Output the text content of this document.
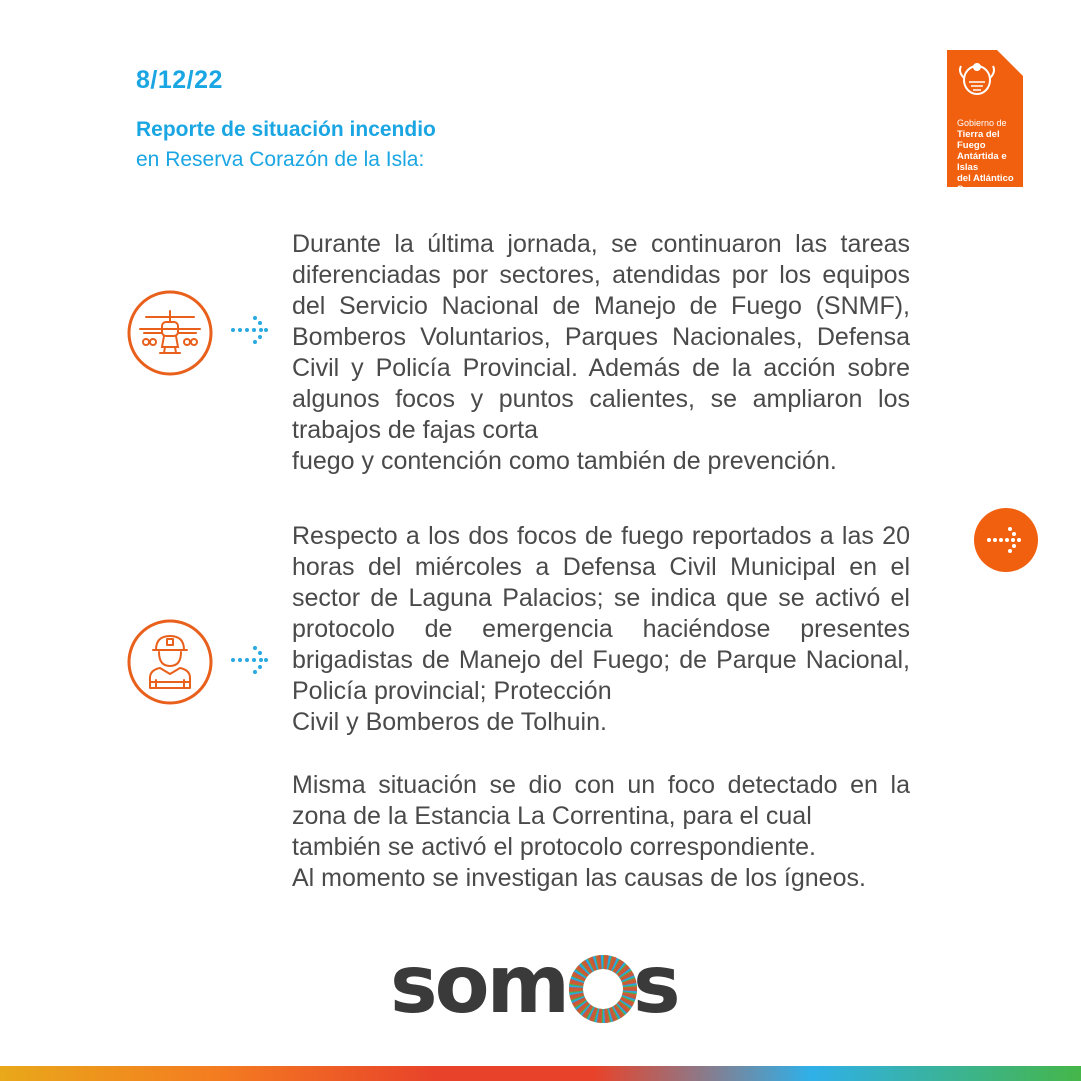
8/12/22
Reporte de situación incendio
en Reserva Corazón de la Isla:
Gobierno de
Tierra del Fuego
Antártida e Islas
del Atlántico Sur

Durante la última jornada, se continuaron las tareas diferenciadas por sectores, atendidas por los equipos del Servicio Nacional de Manejo de Fuego (SNMF), Bomberos Voluntarios, Parques Nacionales, Defensa Civil y Policía Provincial. Además de la acción sobre algunos focos y puntos calientes, se ampliaron los trabajos de fajas corta
fuego y contención como también de prevención.

Respecto a los dos focos de fuego reportados a las 20 horas del miércoles a Defensa Civil Municipal en el sector de Laguna Palacios; se indica que se activó el protocolo de emergencia haciéndose presentes brigadistas de Manejo del Fuego; de Parque Nacional, Policía provincial; Protección
Civil y Bomberos de Tolhuin.

Misma situación se dio con un foco detectado en la zona de la Estancia La Correntina, para el cual
también se activó el protocolo correspondiente.
Al momento se investigan las causas de los ígneos.

som s
